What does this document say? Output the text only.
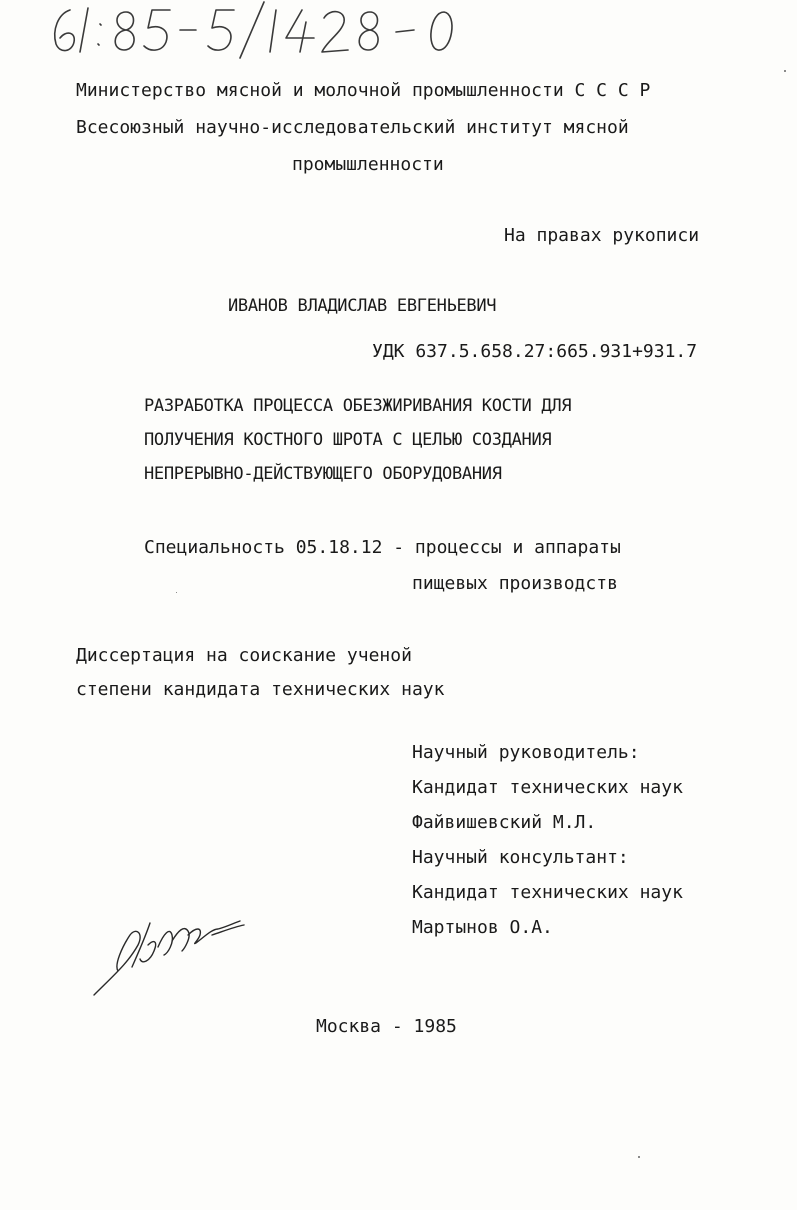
Министерство мясной и молочной промышленности С С С Р
Всесоюзный научно-исследовательский институт мясной
промышленности
На правах рукописи
ИВАНОВ ВЛАДИСЛАВ ЕВГЕНЬЕВИЧ
УДК 637.5.658.27:665.931+931.7
РАЗРАБОТКА ПРОЦЕССА ОБЕЗЖИРИВАНИЯ КОСТИ ДЛЯ
ПОЛУЧЕНИЯ КОСТНОГО ШРОТА С ЦЕЛЬЮ СОЗДАНИЯ
НЕПРЕРЫВНО-ДЕЙСТВУЮЩЕГО ОБОРУДОВАНИЯ
Специальность 05.18.12 - процессы и аппараты
пищевых производств
Диссертация на соискание ученой
степени кандидата технических наук
Научный руководитель:
Кандидат технических наук
Файвишевский М.Л.
Научный консультант:
Кандидат технических наук
Мартынов О.А.
Москва - 1985
